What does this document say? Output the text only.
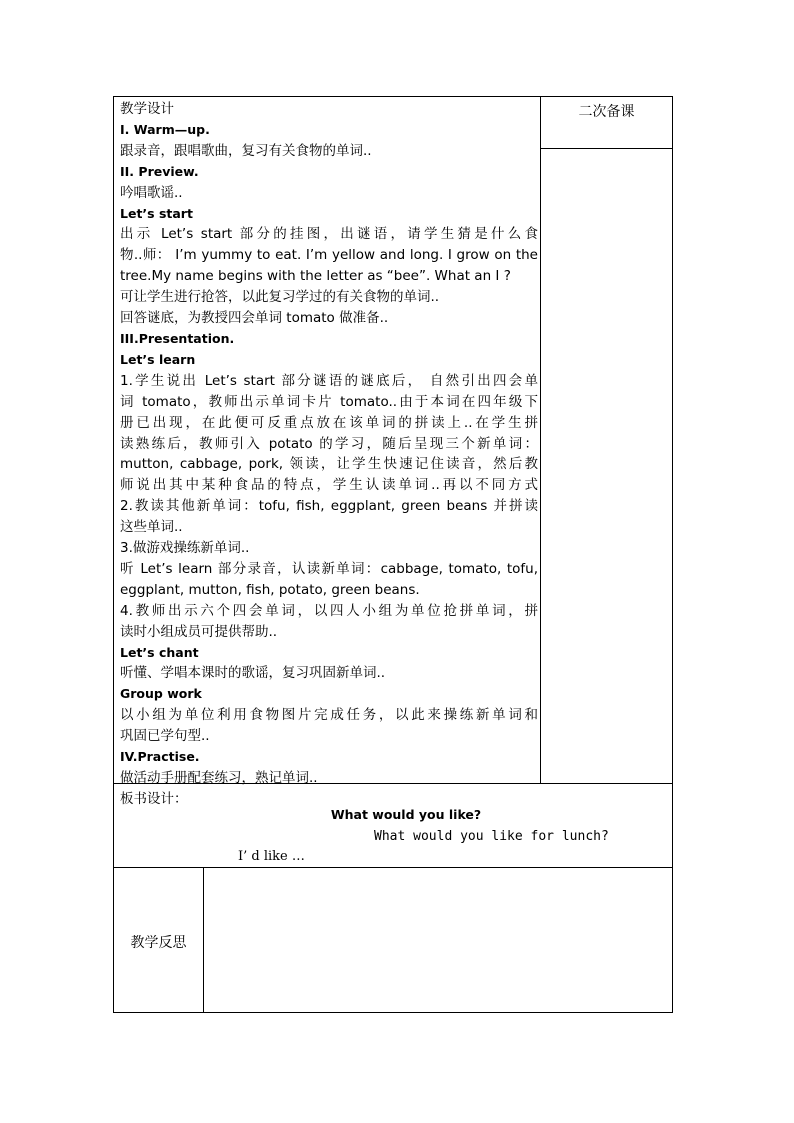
教学设计
I. Warm—up.
跟录音，跟唱歌曲，复习有关食物的单词..
II. Preview.
吟唱歌谣..
Let’s start
出示 Let’s start 部分的挂图，出谜语，请学生猜是什么食
物..师： I’m yummy to eat. I’m yellow and long. I grow on the
tree.My name begins with the letter as “bee”. What an I ?
可让学生进行抢答，以此复习学过的有关食物的单词..
回答谜底，为教授四会单词 tomato 做准备..
III.Presentation.
Let’s learn
1.学生说出 Let’s start 部分谜语的谜底后， 自然引出四会单
词 tomato，教师出示单词卡片 tomato..由于本词在四年级下
册已出现，在此便可反重点放在该单词的拼读上..在学生拼
读熟练后，教师引入 potato 的学习，随后呈现三个新单词：
mutton, cabbage, pork, 领读，让学生快速记住读音，然后教
师说出其中某种食品的特点，学生认读单词..再以不同方式
2.教读其他新单词：tofu, fish, eggplant, green beans 并拼读
这些单词..
3.做游戏操练新单词..
听 Let’s learn 部分录音，认读新单词：cabbage, tomato, tofu,
eggplant, mutton, fish, potato, green beans.
4.教师出示六个四会单词，以四人小组为单位抢拼单词，拼
读时小组成员可提供帮助..
Let’s chant
听懂、学唱本课时的歌谣，复习巩固新单词..
Group work
以小组为单位利用食物图片完成任务，以此来操练新单词和
巩固已学句型..
IV.Practise.
做活动手册配套练习，熟记单词..
二次备课
板书设计：
What would you like?
What would you like for lunch?
I’ d like …
教学反思
